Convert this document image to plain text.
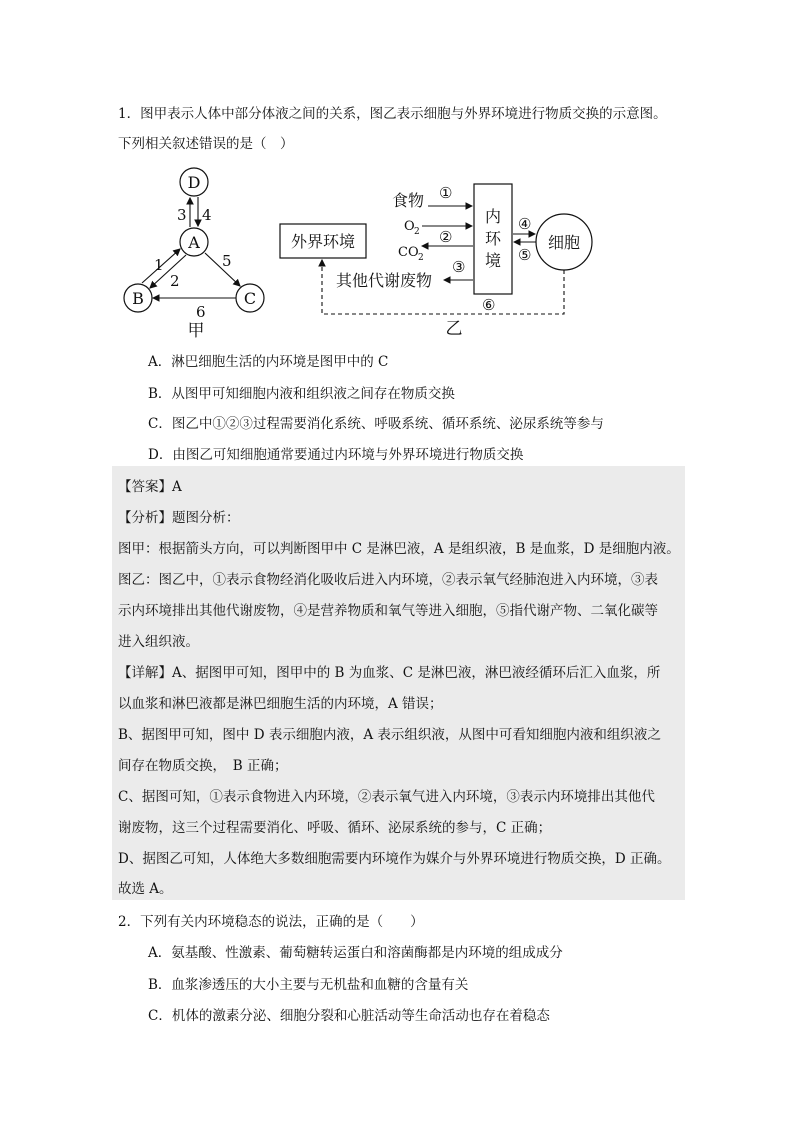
1．图甲表示人体中部分体液之间的关系，图乙表示细胞与外界环境进行物质交换的示意图。
下列相关叙述错误的是（　）
D
A
B	C
3 4
1
2
5
6
甲
外界环境
内
环
境
细胞
食物 ①
O 2 ②
CO 2 ③
其他代谢废物
④
⑤
⑥
乙
A．淋巴细胞生活的内环境是图甲中的 C
B．从图甲可知细胞内液和组织液之间存在物质交换
C．图乙中①②③过程需要消化系统、呼吸系统、循环系统、泌尿系统等参与
D．由图乙可知细胞通常要通过内环境与外界环境进行物质交换
【答案】A
【分析】题图分析：
图甲：根据箭头方向，可以判断图甲中 C 是淋巴液，A 是组织液，B 是血浆，D 是细胞内液。
图乙：图乙中，①表示食物经消化吸收后进入内环境，②表示氧气经肺泡进入内环境，③表
示内环境排出其他代谢废物，④是营养物质和氧气等进入细胞，⑤指代谢产物、二氧化碳等
进入组织液。
【详解】A、据图甲可知，图甲中的 B 为血浆、C 是淋巴液，淋巴液经循环后汇入血浆，所
以血浆和淋巴液都是淋巴细胞生活的内环境，A 错误；
B、据图甲可知，图中 D 表示细胞内液，A 表示组织液，从图中可看知细胞内液和组织液之
间存在物质交换，　B 正确；
C、据图可知，①表示食物进入内环境，②表示氧气进入内环境，③表示内环境排出其他代
谢废物，这三个过程需要消化、呼吸、循环、泌尿系统的参与，C 正确；
D、据图乙可知，人体绝大多数细胞需要内环境作为媒介与外界环境进行物质交换，D 正确。
故选 A。
2．下列有关内环境稳态的说法，正确的是（　　）
A．氨基酸、性激素、葡萄糖转运蛋白和溶菌酶都是内环境的组成成分
B．血浆渗透压的大小主要与无机盐和血糖的含量有关
C．机体的激素分泌、细胞分裂和心脏活动等生命活动也存在着稳态
